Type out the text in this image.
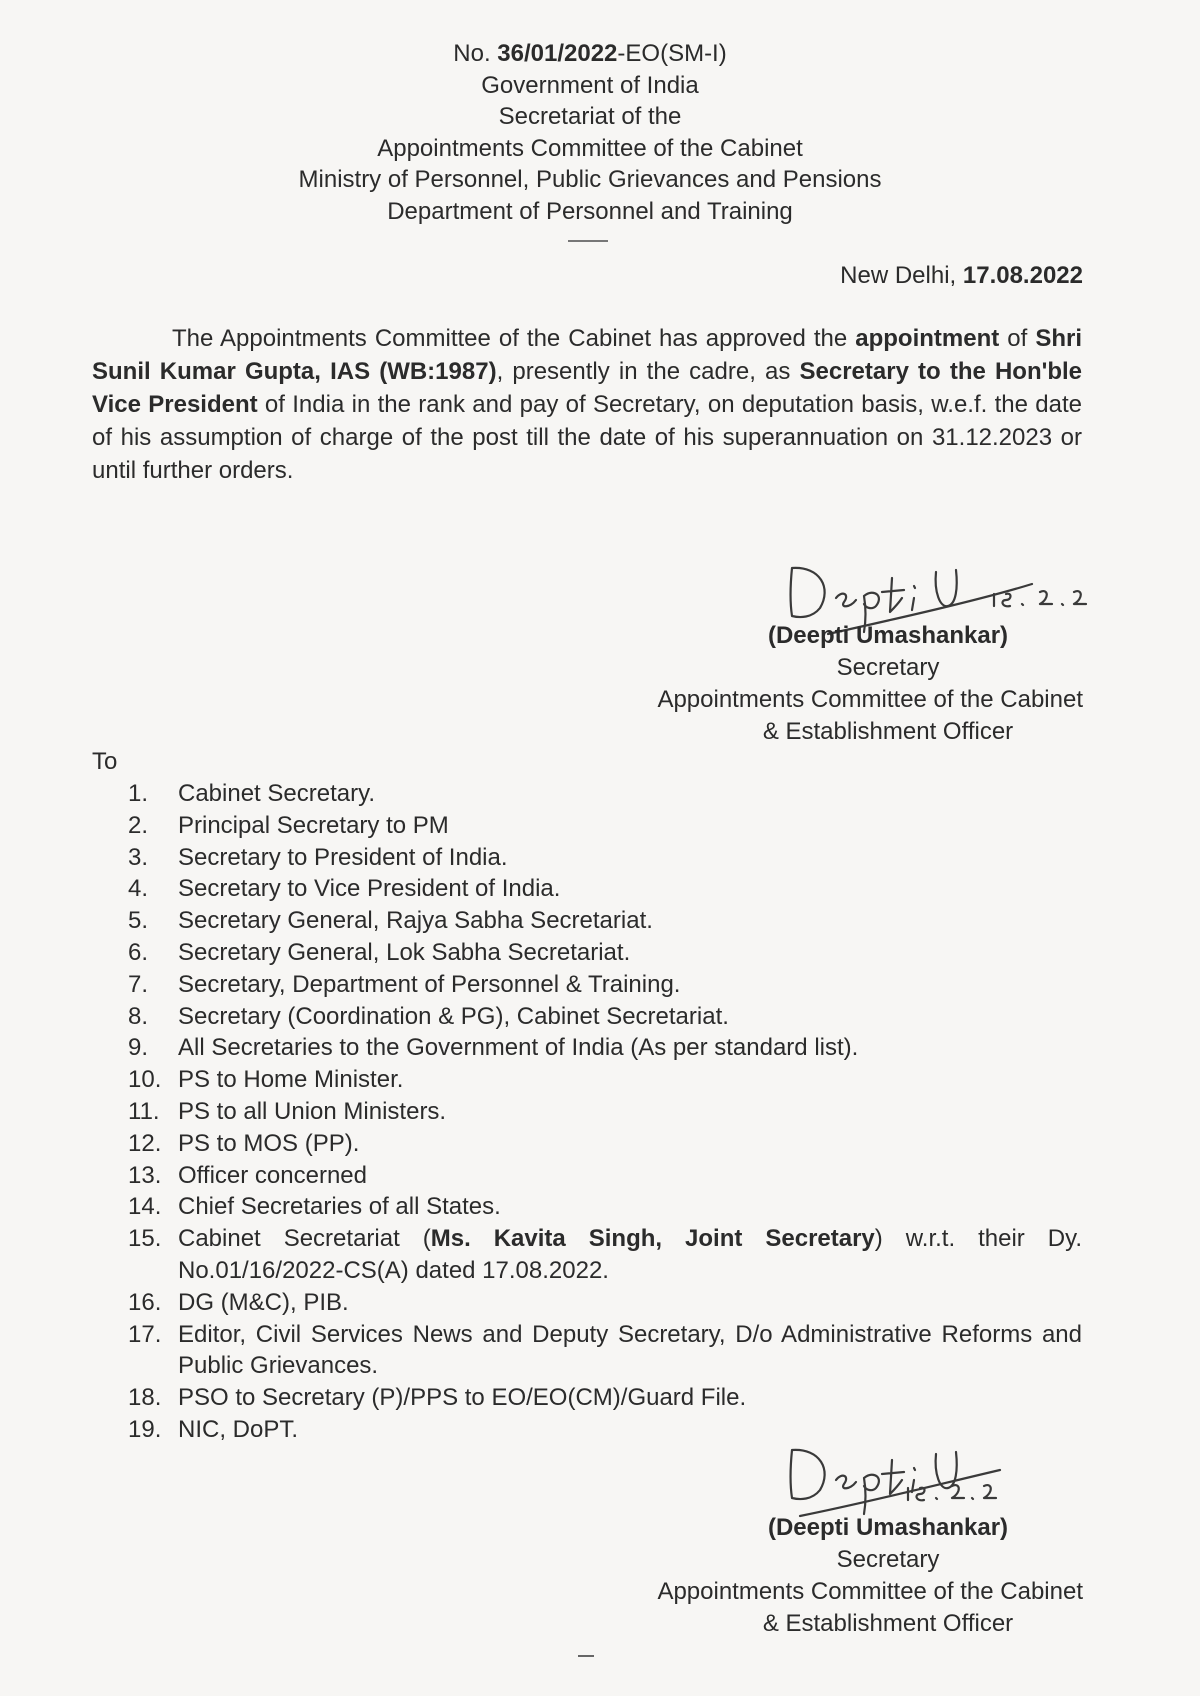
No. 36/01/2022-EO(SM-I)
Government of India
Secretariat of the
Appointments Committee of the Cabinet
Ministry of Personnel, Public Grievances and Pensions
Department of Personnel and Training
New Delhi, 17.08.2022
The Appointments Committee of the Cabinet has approved the appointment of Shri Sunil Kumar Gupta, IAS (WB:1987), presently in the cadre, as Secretary to the Hon'ble Vice President of India in the rank and pay of Secretary, on deputation basis, w.e.f. the date of his assumption of charge of the post till the date of his superannuation on 31.12.2023 or until further orders.
(Deepti Umashankar)
Secretary
Appointments Committee of the Cabinet
& Establishment Officer
To
1.	Cabinet Secretary.
2.	Principal Secretary to PM
3.	Secretary to President of India.
4.	Secretary to Vice President of India.
5.	Secretary General, Rajya Sabha Secretariat.
6.	Secretary General, Lok Sabha Secretariat.
7.	Secretary, Department of Personnel & Training.
8.	Secretary (Coordination & PG), Cabinet Secretariat.
9.	All Secretaries to the Government of India (As per standard list).
10. PS to Home Minister.
11. PS to all Union Ministers.
12. PS to MOS (PP).
13. Officer concerned
14. Chief Secretaries of all States.
15. Cabinet Secretariat (Ms. Kavita Singh, Joint Secretary) w.r.t. their Dy. No.01/16/2022-CS(A) dated 17.08.2022.
16. DG (M&C), PIB.
17. Editor, Civil Services News and Deputy Secretary, D/o Administrative Reforms and Public Grievances.
18. PSO to Secretary (P)/PPS to EO/EO(CM)/Guard File.
19. NIC, DoPT.
(Deepti Umashankar)
Secretary
Appointments Committee of the Cabinet
& Establishment Officer
